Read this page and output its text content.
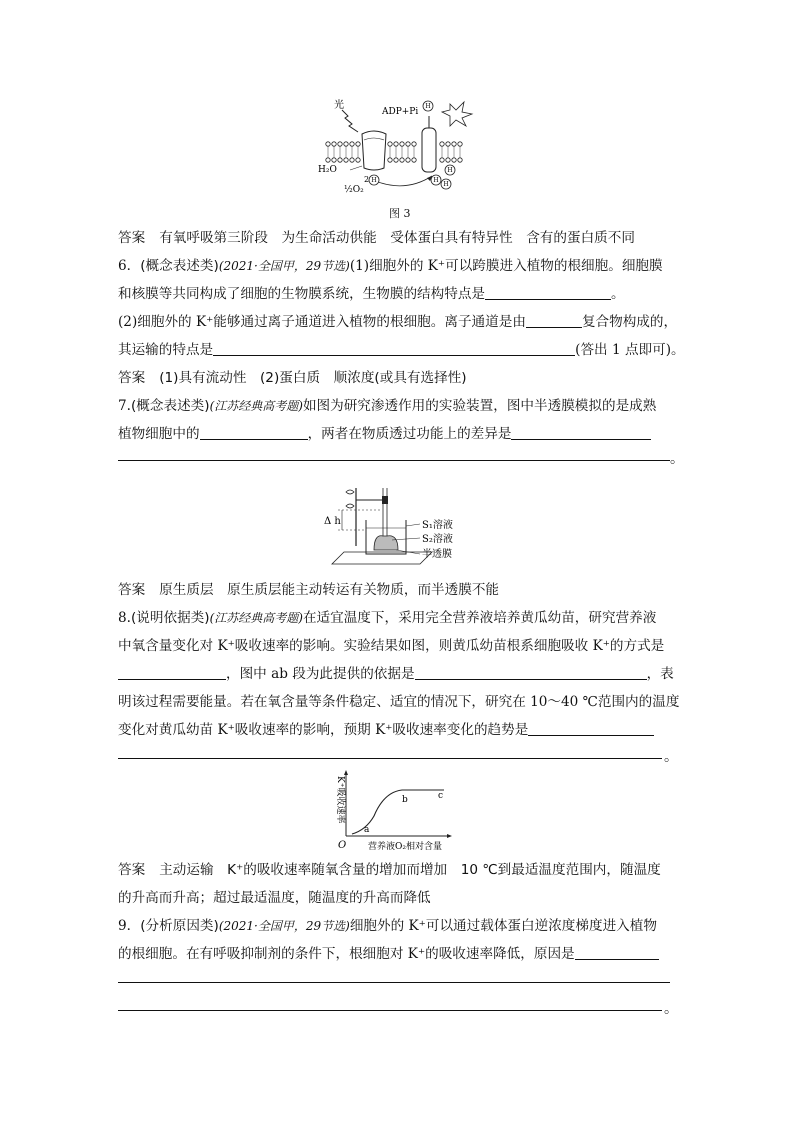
H
H
H
H
H
光
ADP+Pi
H₂O
½O₂
2
图 3
答案 有氧呼吸第三阶段　 为生命活动供能　 受体蛋白具有特异性　 含有的蛋白质不同
6．(概念表述类)(2021·全国甲，29节选)(1)细胞外的 K⁺可以跨膜进入植物的根细胞。细胞膜
和核膜等共同构成了细胞的生物膜系统，生物膜的结构特点是	。
(2)细胞外的 K⁺能够通过离子通道进入植物的根细胞。离子通道是由	复合物构成的，
其运输的特点是	(答出 1 点即可)。
答案 (1)具有流动性　(2)蛋白质　顺浓度(或具有选择性)
7.(概念表述类)(江苏经典高考题)如图为研究渗透作用的实验装置，图中半透膜模拟的是成熟
植物细胞中的	，两者在物质透过功能上的差异是
。
Δ h	S₁溶液
S₂溶液
半透膜
答案 原生质层　 原生质层能主动转运有关物质，而半透膜不能
8.(说明依据类)(江苏经典高考题)在适宜温度下，采用完全营养液培养黄瓜幼苗，研究营养液
中氧含量变化对 K⁺吸收速率的影响。实验结果如图，则黄瓜幼苗根系细胞吸收 K⁺的方式是
，图中 ab 段为此提供的依据是	，表
明该过程需要能量。若在氧含量等条件稳定、适宜的情况下，研究在 10～40 ℃范围内的温度
变化对黄瓜幼苗 K⁺吸收速率的影响，预期 K⁺吸收速率变化的趋势是
。
K⁺吸收速率
营养液O₂相对含量
O
a
b	c
答案 主动运输　 K⁺的吸收速率随氧含量的增加而增加　 10 ℃到最适温度范围内，随温度
的升高而升高；超过最适温度，随温度的升高而降低
9．(分析原因类)(2021·全国甲，29节选)细胞外的 K⁺可以通过载体蛋白逆浓度梯度进入植物
的根细胞。在有呼吸抑制剂的条件下，根细胞对 K⁺的吸收速率降低，原因是
。
